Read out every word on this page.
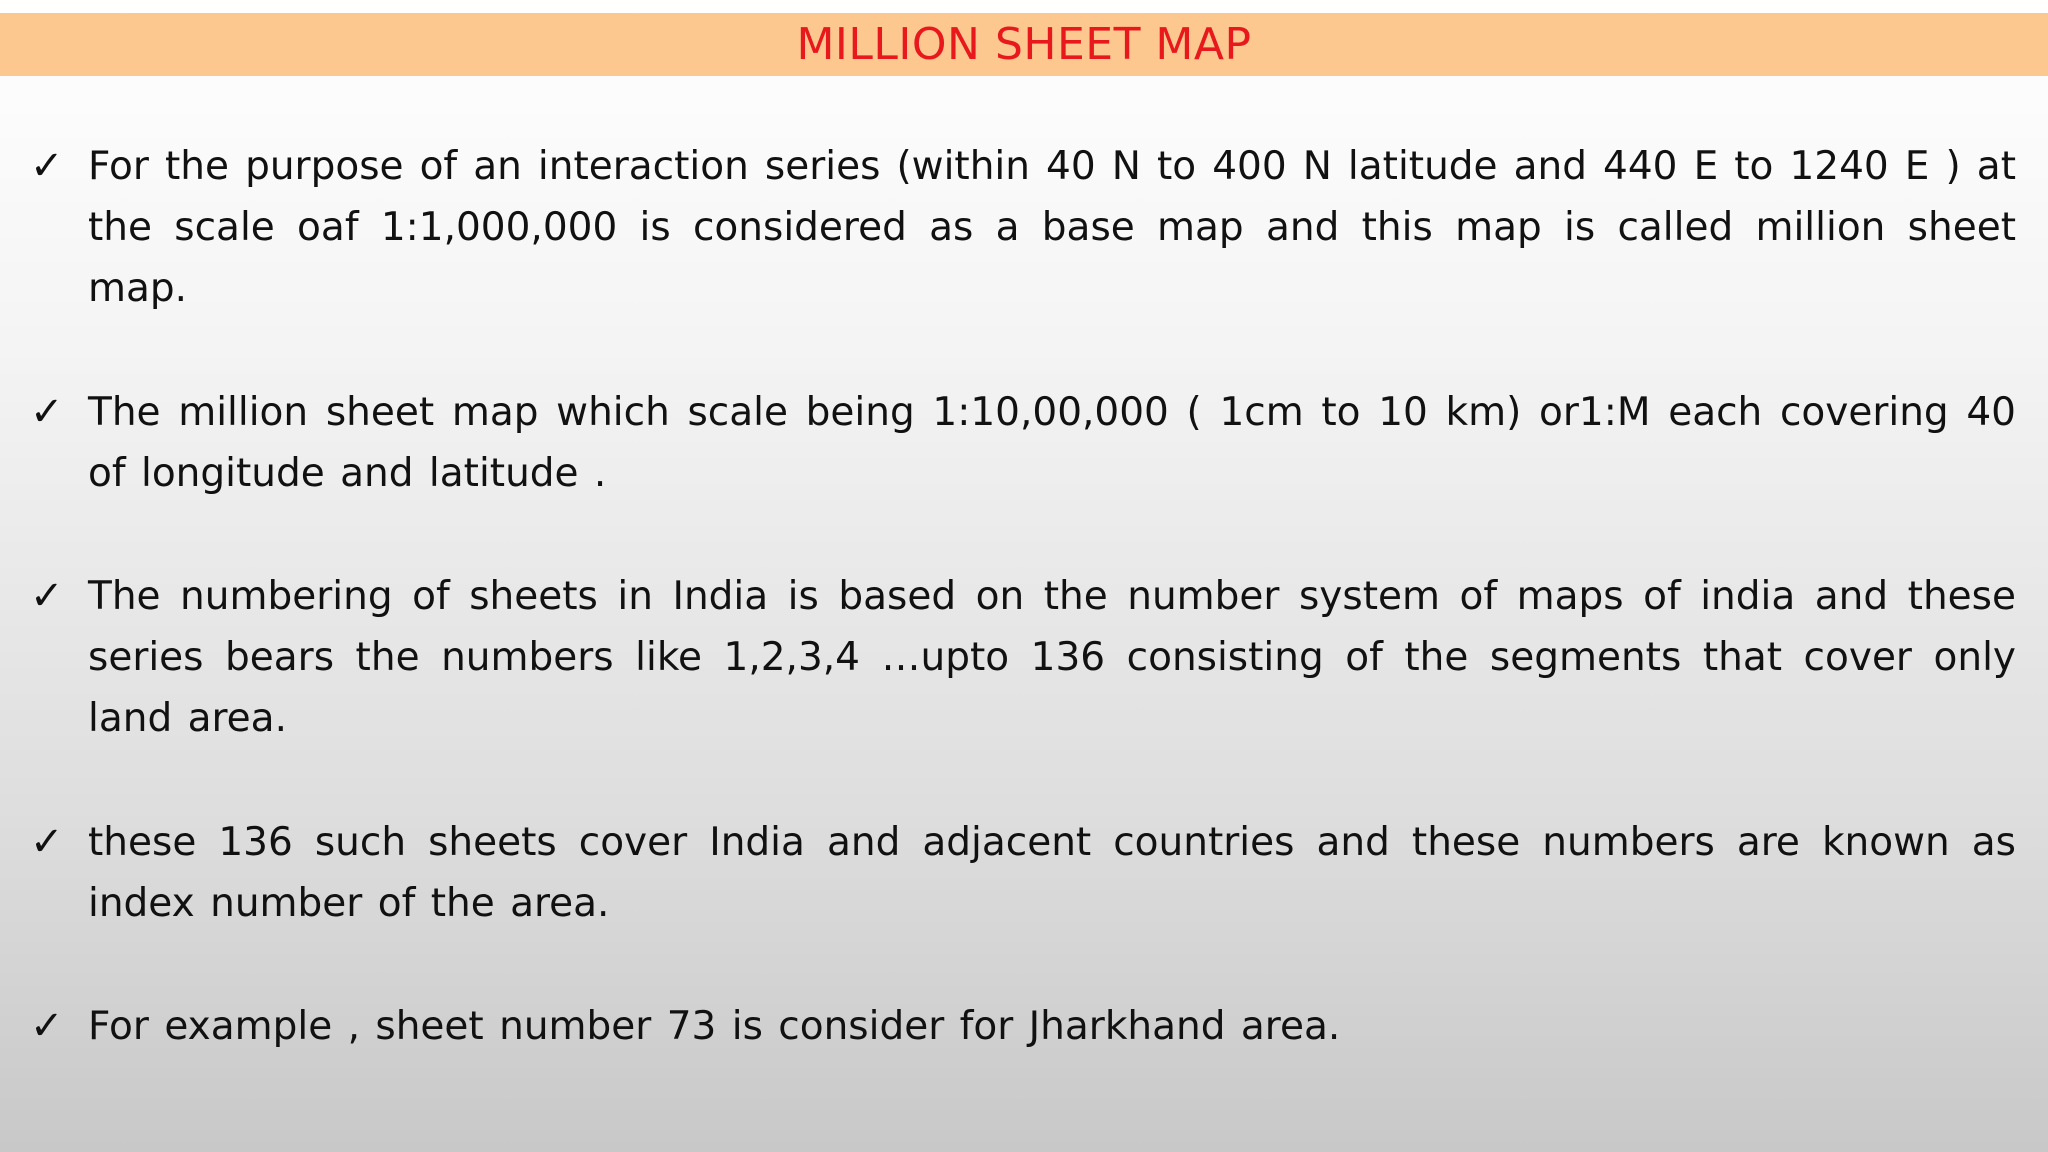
MILLION SHEET MAP
✓ For the purpose of an interaction series (within 40 N to 400 N latitude and 440 E to 1240 E ) at the scale oaf 1:1,000,000 is considered as a base map and this map is called million sheet map.
✓ The million sheet map which scale being 1:10,00,000 ( 1cm to 10 km) or1:M each covering 40 of longitude and latitude .
✓ The numbering of sheets in India is based on the number system of maps of india and these series bears the numbers like 1,2,3,4 …upto 136 consisting of the segments that cover only land area.
✓ these 136 such sheets cover India and adjacent countries and these numbers are known as index number of the area.
✓ For example , sheet number 73 is consider for Jharkhand area.
